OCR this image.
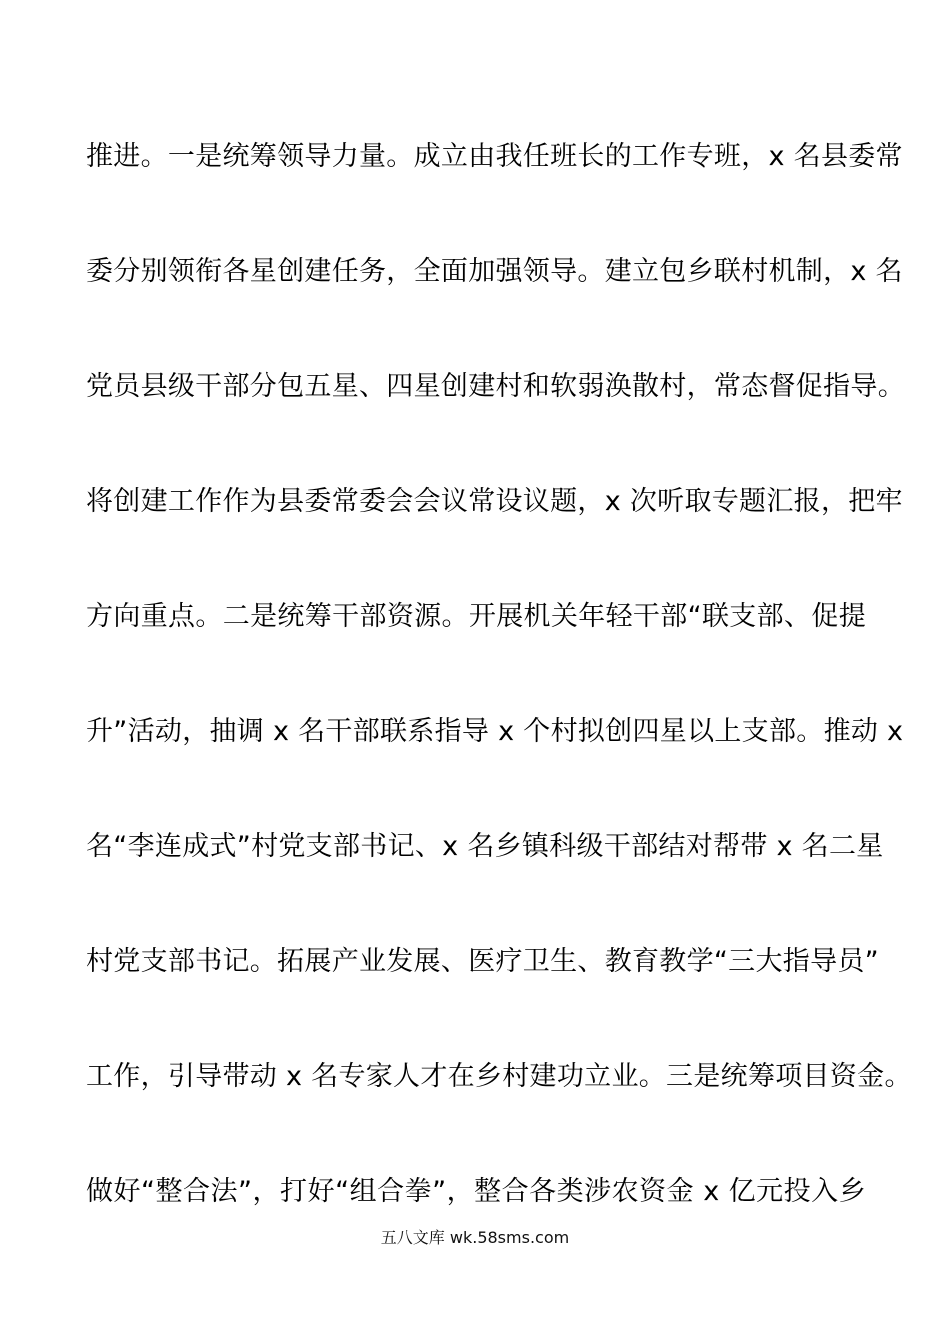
推进。一是统筹领导力量。成立由我任班长的工作专班，x 名县委常
委分别领衔各星创建任务，全面加强领导。建立包乡联村机制，x 名
党员县级干部分包五星、四星创建村和软弱涣散村，常态督促指导。
将创建工作作为县委常委会会议常设议题，x 次听取专题汇报，把牢
方向重点。二是统筹干部资源。开展机关年轻干部“联支部、促提
升”活动，抽调 x 名干部联系指导 x 个村拟创四星以上支部。推动 x
名“李连成式”村党支部书记、x 名乡镇科级干部结对帮带 x 名二星
村党支部书记。拓展产业发展、医疗卫生、教育教学“三大指导员”
工作，引导带动 x 名专家人才在乡村建功立业。三是统筹项目资金。
做好“整合法”，打好“组合拳”，整合各类涉农资金 x 亿元投入乡
五八文库 wk.58sms.com
